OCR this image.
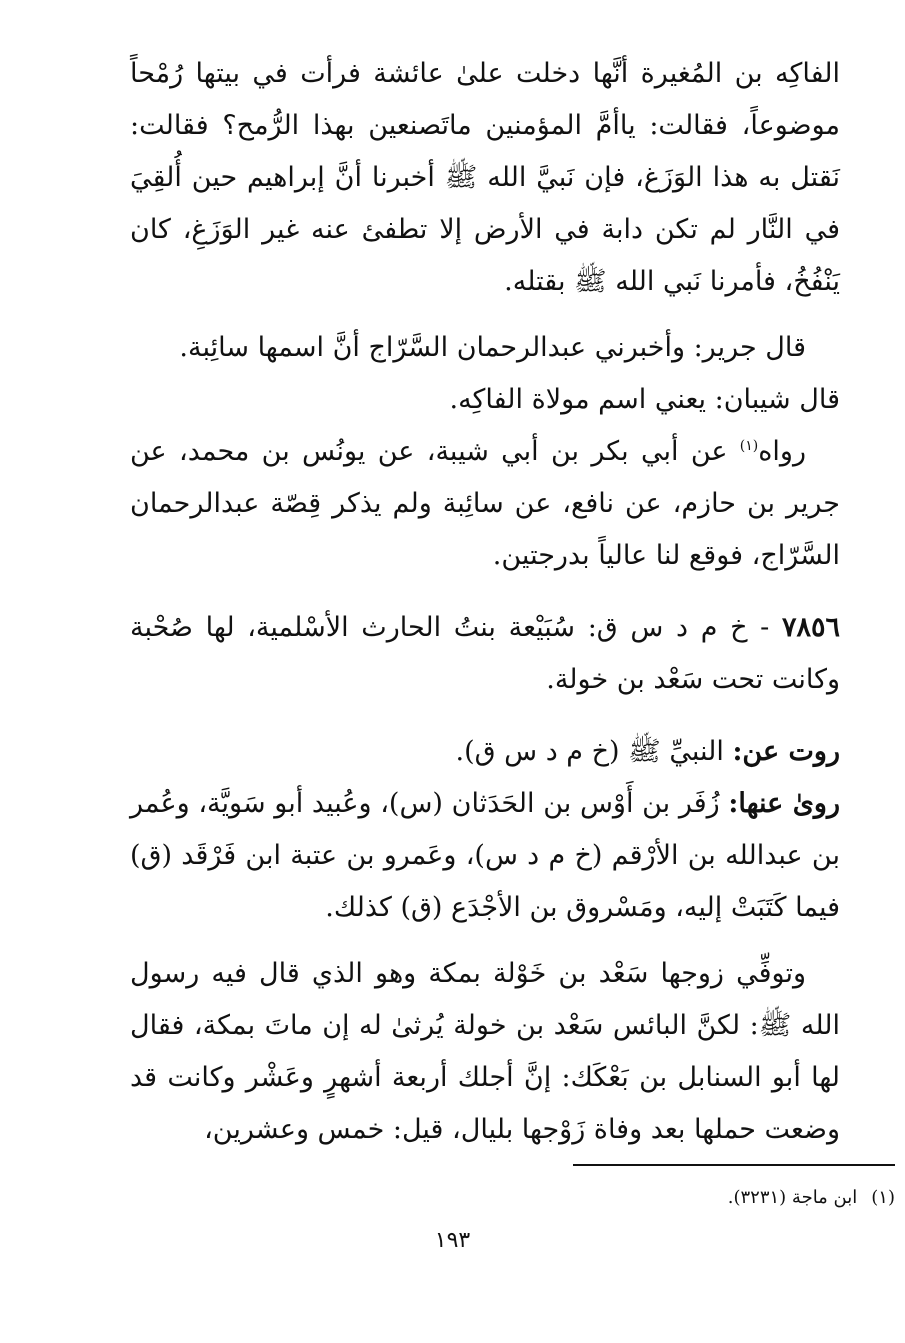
الفاكِه بن المُغيرة أنَّها دخلت علىٰ عائشة فرأت في بيتها رُمْحاً موضوعاً، فقالت: ياأمَّ المؤمنين ماتَصنعين بهذا الرُّمح؟ فقالت: نَقتل به هذا الوَزَغ، فإن نَبيَّ الله ﷺ أخبرنا أنَّ إبراهيم حين أُلقِيَ في النَّار لم تكن دابة في الأرض إلا تطفئ عنه غير الوَزَغِ، كان يَنْفُخُ، فأمرنا نَبي الله ﷺ بقتله.

قال جرير: وأخبرني عبدالرحمان السَّرّاج أنَّ اسمها سائِبة.

قال شيبان: يعني اسم مولاة الفاكِه.

رواه$^{(١)}$ عن أبي بكر بن أبي شيبة، عن يونُس بن محمد، عن جرير بن حازم، عن نافع، عن سائِبة ولم يذكر قِصّة عبدالرحمان السَّرّاج، فوقع لنا عالياً بدرجتين.

٧٨٥٦ - خ م د س ق: سُبَيْعة بنتُ الحارث الأسْلمية، لها صُحْبة وكانت تحت سَعْد بن خولة.

روت عن: النبيِّ ﷺ (خ م د س ق).

روىٰ عنها: زُفَر بن أَوْس بن الحَدَثان (س)، وعُبيد أبو سَويَّة، وعُمر بن عبدالله بن الأرْقم (خ م د س)، وعَمرو بن عتبة ابن فَرْقَد (ق) فيما كَتَبَتْ إليه، ومَسْروق بن الأجْدَع (ق) كذلك.

وتوفِّي زوجها سَعْد بن خَوْلة بمكة وهو الذي قال فيه رسول الله ﷺ: لكنَّ البائس سَعْد بن خولة يُرثىٰ له إن ماتَ بمكة، فقال لها أبو السنابل بن بَعْكَك: إنَّ أجلك أربعة أشهرٍ وعَشْر وكانت قد وضعت حملها بعد وفاة زَوْجها بليال، قيل: خمس وعشرين،

(١)ابن ماجة (٣٢٣١).
١٩٣
